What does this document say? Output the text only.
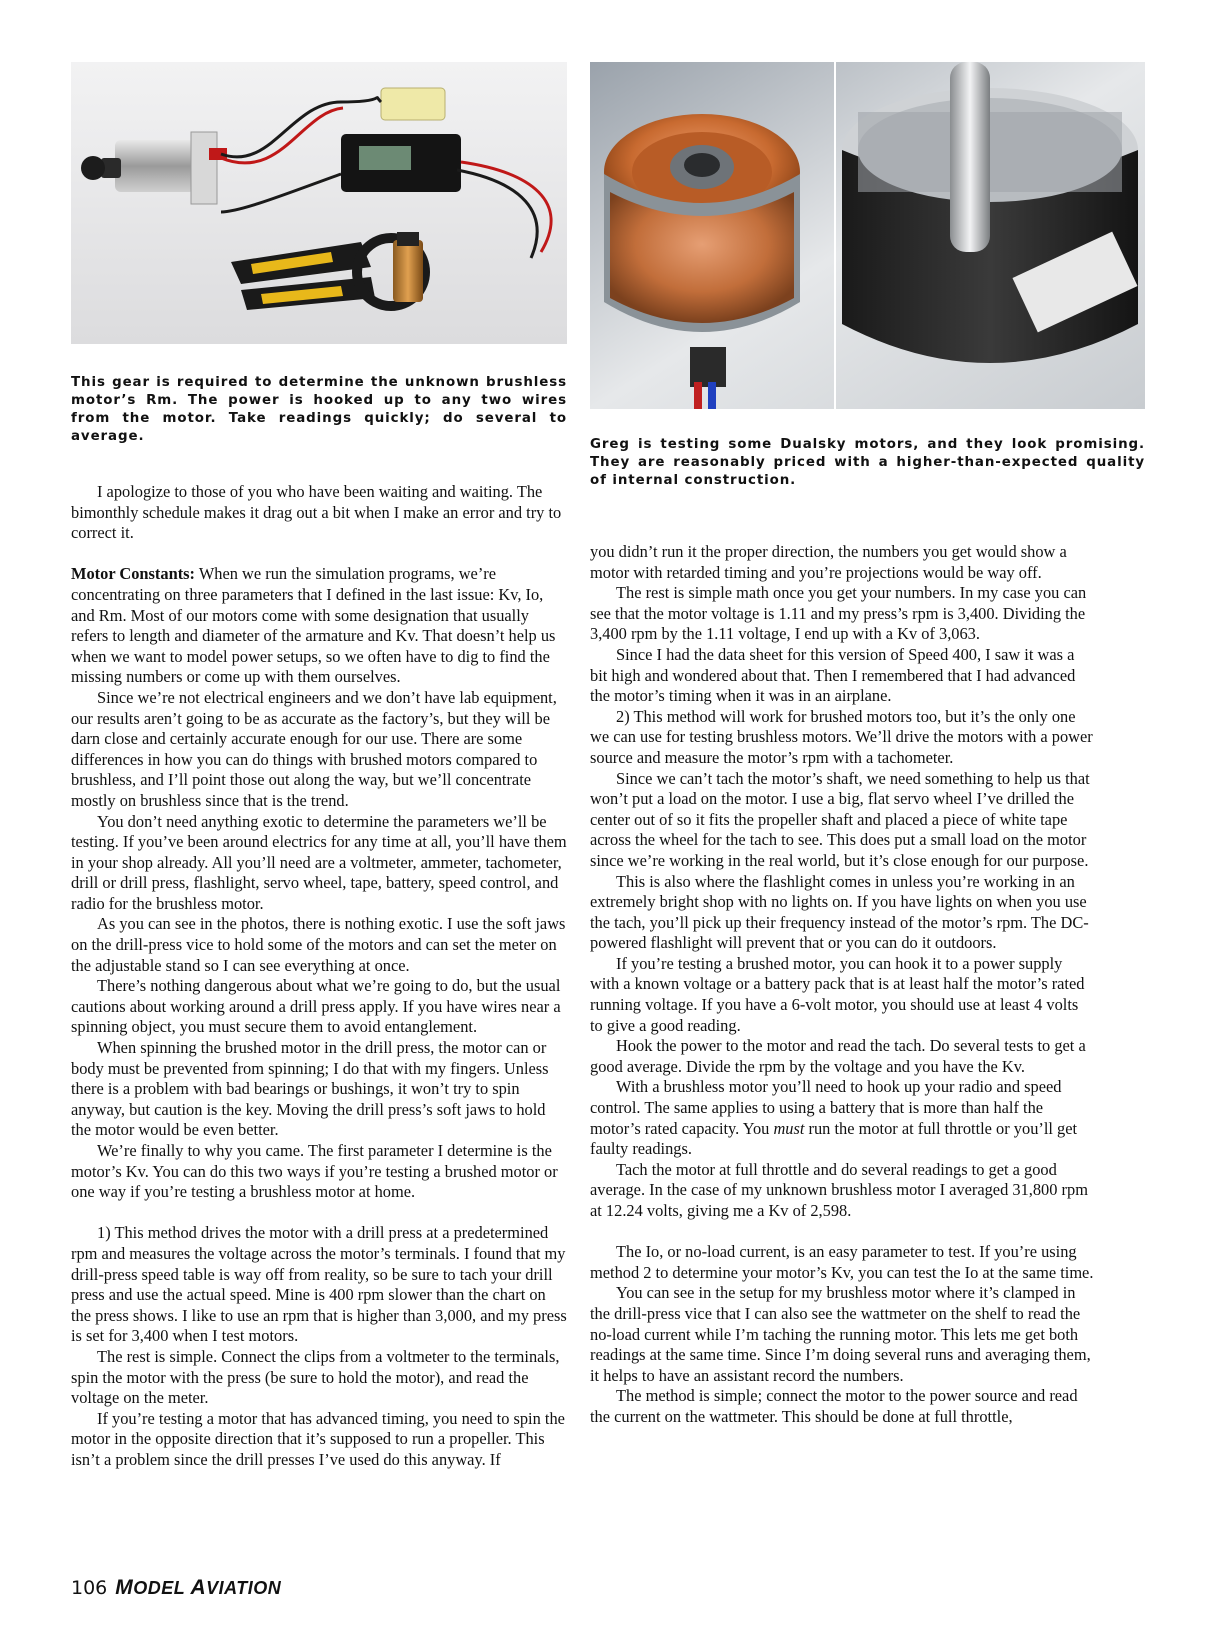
This gear is required to determine the unknown brushless motor’s Rm. The power is hooked up to any two wires from the motor. Take readings quickly; do several to average.
Greg is testing some Dualsky motors, and they look promising. They are reasonably priced with a higher-than-expected quality of internal construction.

I apologize to those of you who have been waiting and waiting. The bimonthly schedule makes it drag out a bit when I make an error and try to correct it.

Motor Constants: When we run the simulation programs, we’re concentrating on three parameters that I defined in the last issue: Kv, Io, and Rm. Most of our motors come with some designation that usually refers to length and diameter of the armature and Kv. That doesn’t help us when we want to model power setups, so we often have to dig to find the missing numbers or come up with them ourselves.

Since we’re not electrical engineers and we don’t have lab equipment, our results aren’t going to be as accurate as the factory’s, but they will be darn close and certainly accurate enough for our use. There are some differences in how you can do things with brushed motors compared to brushless, and I’ll point those out along the way, but we’ll concentrate mostly on brushless since that is the trend.

You don’t need anything exotic to determine the parameters we’ll be testing. If you’ve been around electrics for any time at all, you’ll have them in your shop already. All you’ll need are a voltmeter, ammeter, tachometer, drill or drill press, flashlight, servo wheel, tape, battery, speed control, and radio for the brushless motor.

As you can see in the photos, there is nothing exotic. I use the soft jaws on the drill-press vice to hold some of the motors and can set the meter on the adjustable stand so I can see everything at once.

There’s nothing dangerous about what we’re going to do, but the usual cautions about working around a drill press apply. If you have wires near a spinning object, you must secure them to avoid entanglement.

When spinning the brushed motor in the drill press, the motor can or body must be prevented from spinning; I do that with my fingers. Unless there is a problem with bad bearings or bushings, it won’t try to spin anyway, but caution is the key. Moving the drill press’s soft jaws to hold the motor would be even better.

We’re finally to why you came. The first parameter I determine is the motor’s Kv. You can do this two ways if you’re testing a brushed motor or one way if you’re testing a brushless motor at home.

1) This method drives the motor with a drill press at a predetermined rpm and measures the voltage across the motor’s terminals. I found that my drill-press speed table is way off from reality, so be sure to tach your drill press and use the actual speed. Mine is 400 rpm slower than the chart on the press shows. I like to use an rpm that is higher than 3,000, and my press is set for 3,400 when I test motors.

The rest is simple. Connect the clips from a voltmeter to the terminals, spin the motor with the press (be sure to hold the motor), and read the voltage on the meter.

If you’re testing a motor that has advanced timing, you need to spin the motor in the opposite direction that it’s supposed to run a propeller. This isn’t a problem since the drill presses I’ve used do this anyway. If

you didn’t run it the proper direction, the numbers you get would show a motor with retarded timing and you’re projections would be way off.

The rest is simple math once you get your numbers. In my case you can see that the motor voltage is 1.11 and my press’s rpm is 3,400. Dividing the 3,400 rpm by the 1.11 voltage, I end up with a Kv of 3,063.

Since I had the data sheet for this version of Speed 400, I saw it was a bit high and wondered about that. Then I remembered that I had advanced the motor’s timing when it was in an airplane.

2) This method will work for brushed motors too, but it’s the only one we can use for testing brushless motors. We’ll drive the motors with a power source and measure the motor’s rpm with a tachometer.

Since we can’t tach the motor’s shaft, we need something to help us that won’t put a load on the motor. I use a big, flat servo wheel I’ve drilled the center out of so it fits the propeller shaft and placed a piece of white tape across the wheel for the tach to see. This does put a small load on the motor since we’re working in the real world, but it’s close enough for our purpose.

This is also where the flashlight comes in unless you’re working in an extremely bright shop with no lights on. If you have lights on when you use the tach, you’ll pick up their frequency instead of the motor’s rpm. The DC-powered flashlight will prevent that or you can do it outdoors.

If you’re testing a brushed motor, you can hook it to a power supply with a known voltage or a battery pack that is at least half the motor’s rated running voltage. If you have a 6-volt motor, you should use at least 4 volts to give a good reading.

Hook the power to the motor and read the tach. Do several tests to get a good average. Divide the rpm by the voltage and you have the Kv.

With a brushless motor you’ll need to hook up your radio and speed control. The same applies to using a battery that is more than half the motor’s rated capacity. You must run the motor at full throttle or you’ll get faulty readings.

Tach the motor at full throttle and do several readings to get a good average. In the case of my unknown brushless motor I averaged 31,800 rpm at 12.24 volts, giving me a Kv of 2,598.

The Io, or no-load current, is an easy parameter to test. If you’re using method 2 to determine your motor’s Kv, you can test the Io at the same time.

You can see in the setup for my brushless motor where it’s clamped in the drill-press vice that I can also see the wattmeter on the shelf to read the no-load current while I’m taching the running motor. This lets me get both readings at the same time. Since I’m doing several runs and averaging them, it helps to have an assistant record the numbers.

The method is simple; connect the motor to the power source and read the current on the wattmeter. This should be done at full throttle,

106 MODEL AVIATION
